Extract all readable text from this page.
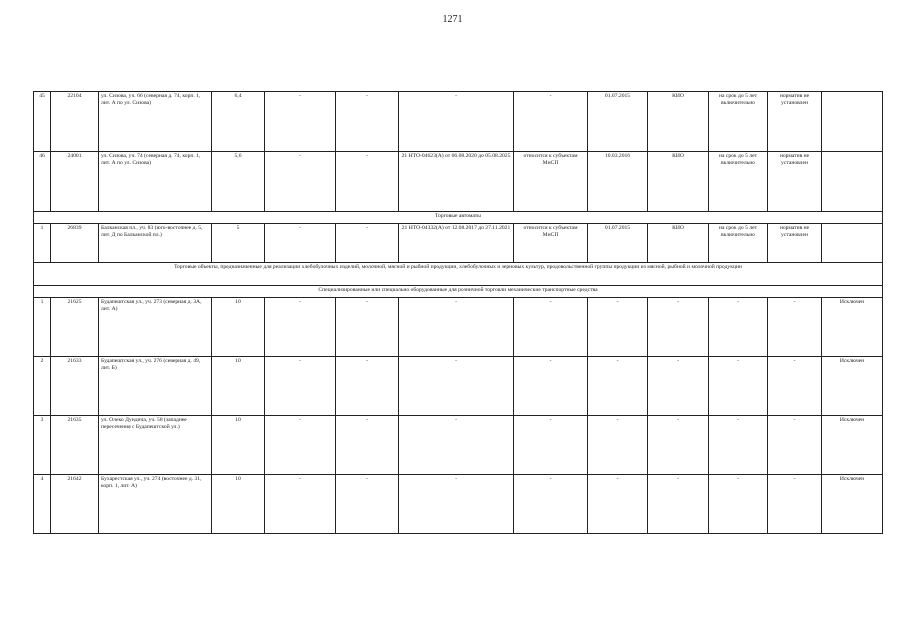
1271
45	22104	ул. Сизова, уч. 66 (северная д. 74, корп. 1, лит. А по ул. Сизова)	6,4	-	-	-	-	01.07.2015	КИО	на срок до 5 лет включительно	норматив не установлен	
46	24001	ул. Сизова, уч. 74 (северная д. 74, корп. 1, лит. А по ул. Сизова)	5,6	-	-	21 НТО-04623(А) от 06.08.2020 до 05.08.2025	относится к субъектам МиСП	10.03.2016	КИО	на срок до 5 лет включительно	норматив не установлен	
Торговые автоматы												
1	26839	Балканская пл., уч. 83 (юго-восточнее д. 5, лит. Д по Балканской пл.)	5	-	-	21 НТО-04332(А) от 12.08.2017 до 27.11.2021	относится к субъектам МиСП	01.07.2015	КИО	на срок до 5 лет включительно	норматив не установлен	
Торговые объекты, предназначенные для реализации хлебобулочных изделий, молочной, мясной и рыбной продукции, хлебобулочных и зерновых культур, продовольственной группы продукции из мясной, рыбной и молочной продукции												
Специализированные или специально оборудованные для розничной торговли механические транспортные средства												
1	21625	Будапештская ул., уч. 273 (северная д. 3А, лит. А)	10	-	-	-	-	-	-	-	-	Исключен
2	21633	Будапештская ул., уч. 276 (северная д. 49, лит. Б)	10	-	-	-	-	-	-	-	-	Исключен
3	21635	ул. Олеко Дундича, уч. 58 (западнее пересечения с Будапештской ул.)	10	-	-	-	-	-	-	-	-	Исключен
4	21642	Бухарестская ул., уч. 274 (восточнее д. 31, корп. 1, лит. А)	10	-	-	-	-	-	-	-	-	Исключен
